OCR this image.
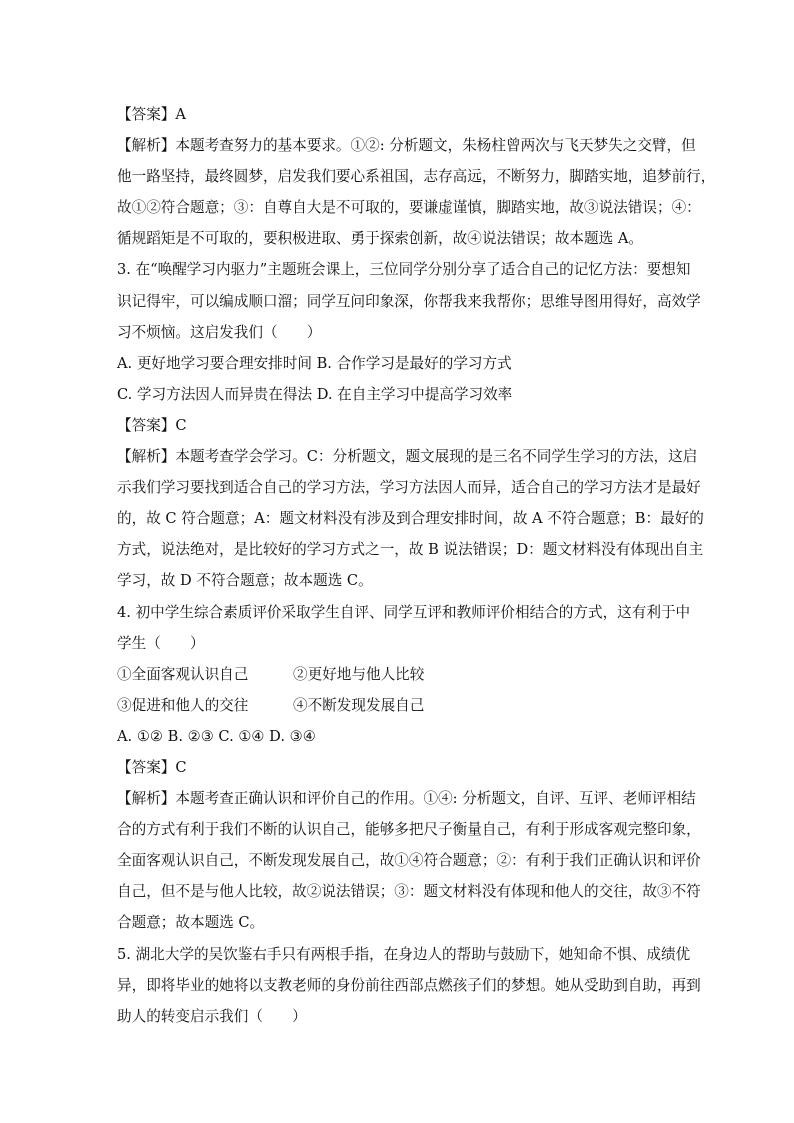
【答案】A
【解析】本题考查努力的基本要求。①②: 分析题文，朱杨柱曾两次与飞天梦失之交臂，但
他一路坚持，最终圆梦，启发我们要心系祖国，志存高远，不断努力，脚踏实地，追梦前行，
故①②符合题意；③：自尊自大是不可取的，要谦虚谨慎，脚踏实地，故③说法错误；④：
循规蹈矩是不可取的，要积极进取、勇于探索创新，故④说法错误；故本题选 A。
3. 在“唤醒学习内驱力”主题班会课上，三位同学分别分享了适合自己的记忆方法：要想知
识记得牢，可以编成顺口溜；同学互问印象深，你帮我来我帮你；思维导图用得好，高效学
习不烦恼。这启发我们（　　）
A. 更好地学习要合理安排时间 B. 合作学习是最好的学习方式
C. 学习方法因人而异贵在得法 D. 在自主学习中提高学习效率
【答案】C
【解析】本题考查学会学习。C：分析题文，题文展现的是三名不同学生学习的方法，这启
示我们学习要找到适合自己的学习方法，学习方法因人而异，适合自己的学习方法才是最好
的，故 C 符合题意；A：题文材料没有涉及到合理安排时间，故 A 不符合题意；B：最好的
方式，说法绝对，是比较好的学习方式之一，故 B 说法错误；D：题文材料没有体现出自主
学习，故 D 不符合题意；故本题选 C。
4. 初中学生综合素质评价采取学生自评、同学互评和教师评价相结合的方式，这有利于中
学生（　　）
①全面客观认识自己	②更好地与他人比较
③促进和他人的交往	④不断发现发展自己
A. ①② B. ②③ C. ①④ D. ③④
【答案】C
【解析】本题考查正确认识和评价自己的作用。①④: 分析题文，自评、互评、老师评相结
合的方式有利于我们不断的认识自己，能够多把尺子衡量自己，有利于形成客观完整印象，
全面客观认识自己，不断发现发展自己，故①④符合题意；②：有利于我们正确认识和评价
自己，但不是与他人比较，故②说法错误；③：题文材料没有体现和他人的交往，故③不符
合题意；故本题选 C。
5. 湖北大学的吴饮鉴右手只有两根手指，在身边人的帮助与鼓励下，她知命不惧、成绩优
异，即将毕业的她将以支教老师的身份前往西部点燃孩子们的梦想。她从受助到自助，再到
助人的转变启示我们（　　）
